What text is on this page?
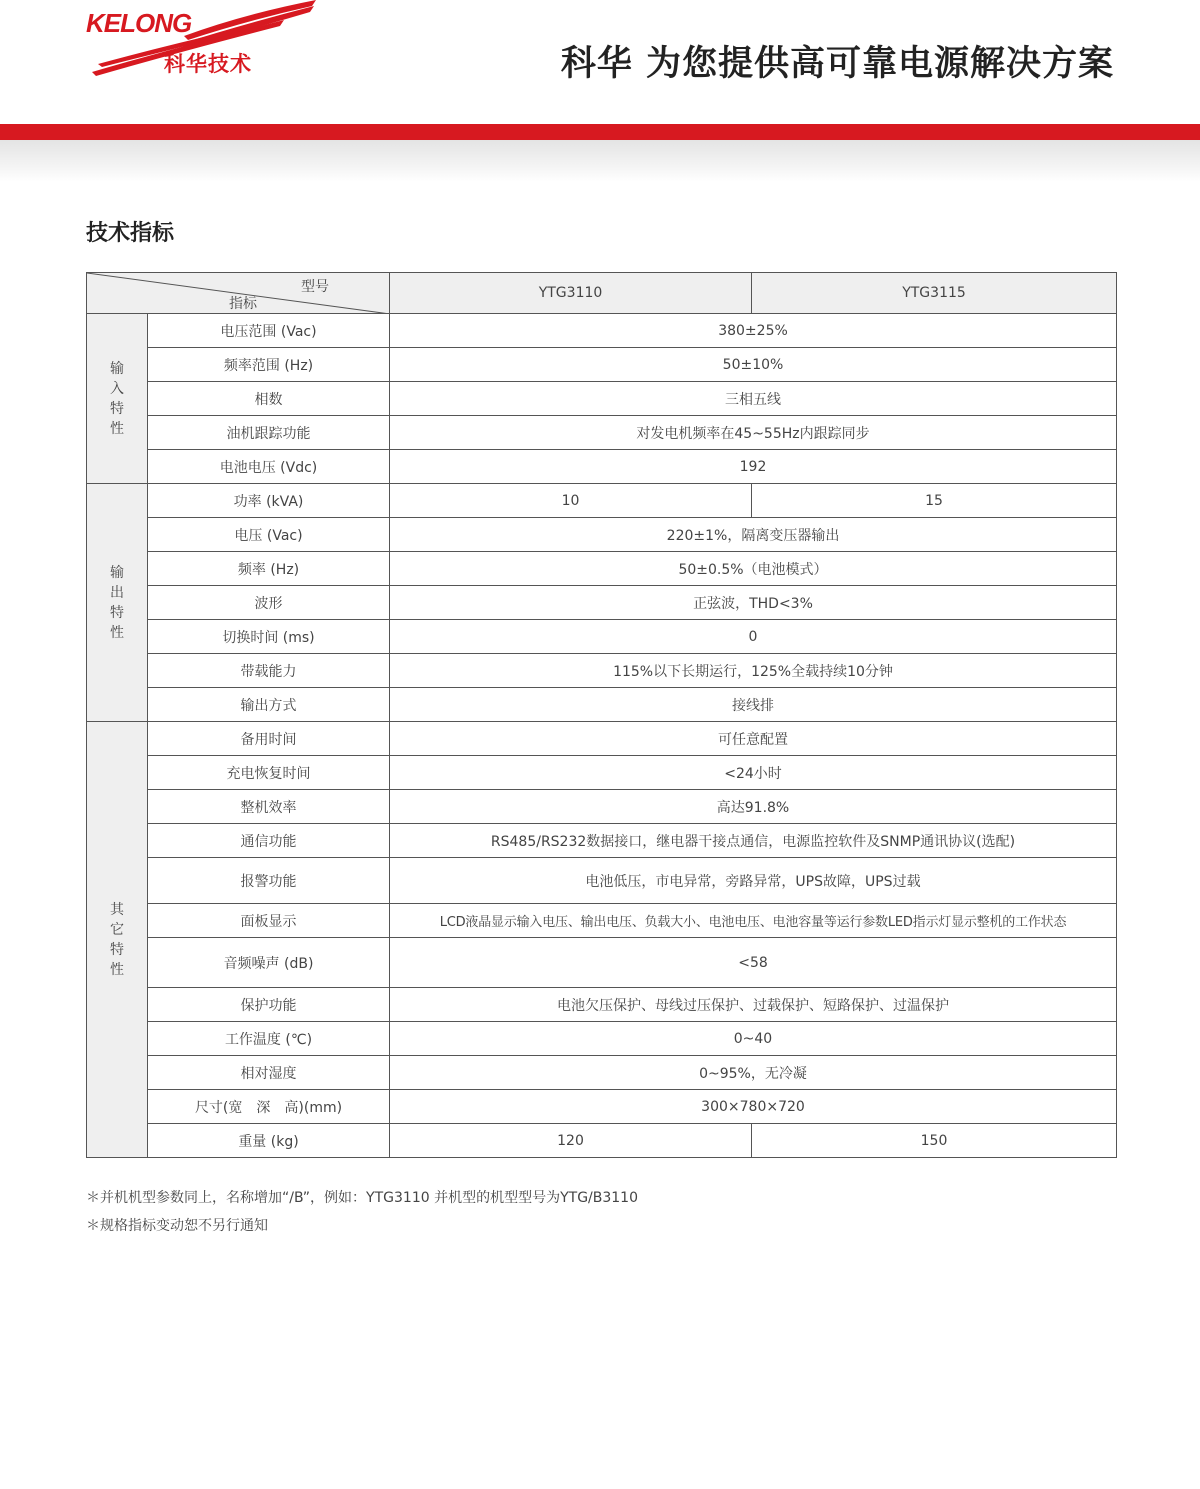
KELONG
科华技术	科华 为您提供高可靠电源解决方案
技术指标
型号
指标		YTG3110	YTG3115
输入特性	电压范围 (Vac)	380±25%	
	频率范围 (Hz)	50±10%	
	相数	三相五线	
	油机跟踪功能	对发电机频率在45~55Hz内跟踪同步	
	电池电压 (Vdc)	192	
输出特性	功率 (kVA)	10	15
	电压 (Vac)	220±1%，隔离变压器输出	
	频率 (Hz)	50±0.5%（电池模式）	
	波形	正弦波，THD<3%	
	切换时间 (ms)	0	
	带载能力	115%以下长期运行，125%全载持续10分钟	
	输出方式	接线排	
其它特性	备用时间	可任意配置	
	充电恢复时间	<24小时	
	整机效率	高达91.8%	
	通信功能	RS485/RS232数据接口，继电器干接点通信，电源监控软件及SNMP通讯协议(选配)	
	报警功能	电池低压，市电异常，旁路异常，UPS故障，UPS过载	
	面板显示	LCD液晶显示输入电压、输出电压、负载大小、电池电压、电池容量等运行参数LED指示灯显示整机的工作状态	
	音频噪声 (dB)	<58	
	保护功能	电池欠压保护、母线过压保护、过载保护、短路保护、过温保护	
	工作温度 (℃)	0~40	
	相对湿度	0~95%，无冷凝	
	尺寸(宽　深　高)(mm)	300×780×720	
	重量 (kg)	120	150
＊并机机型参数同上，名称增加“/B”，例如：YTG3110 并机型的机型型号为YTG/B3110
＊规格指标变动恕不另行通知
